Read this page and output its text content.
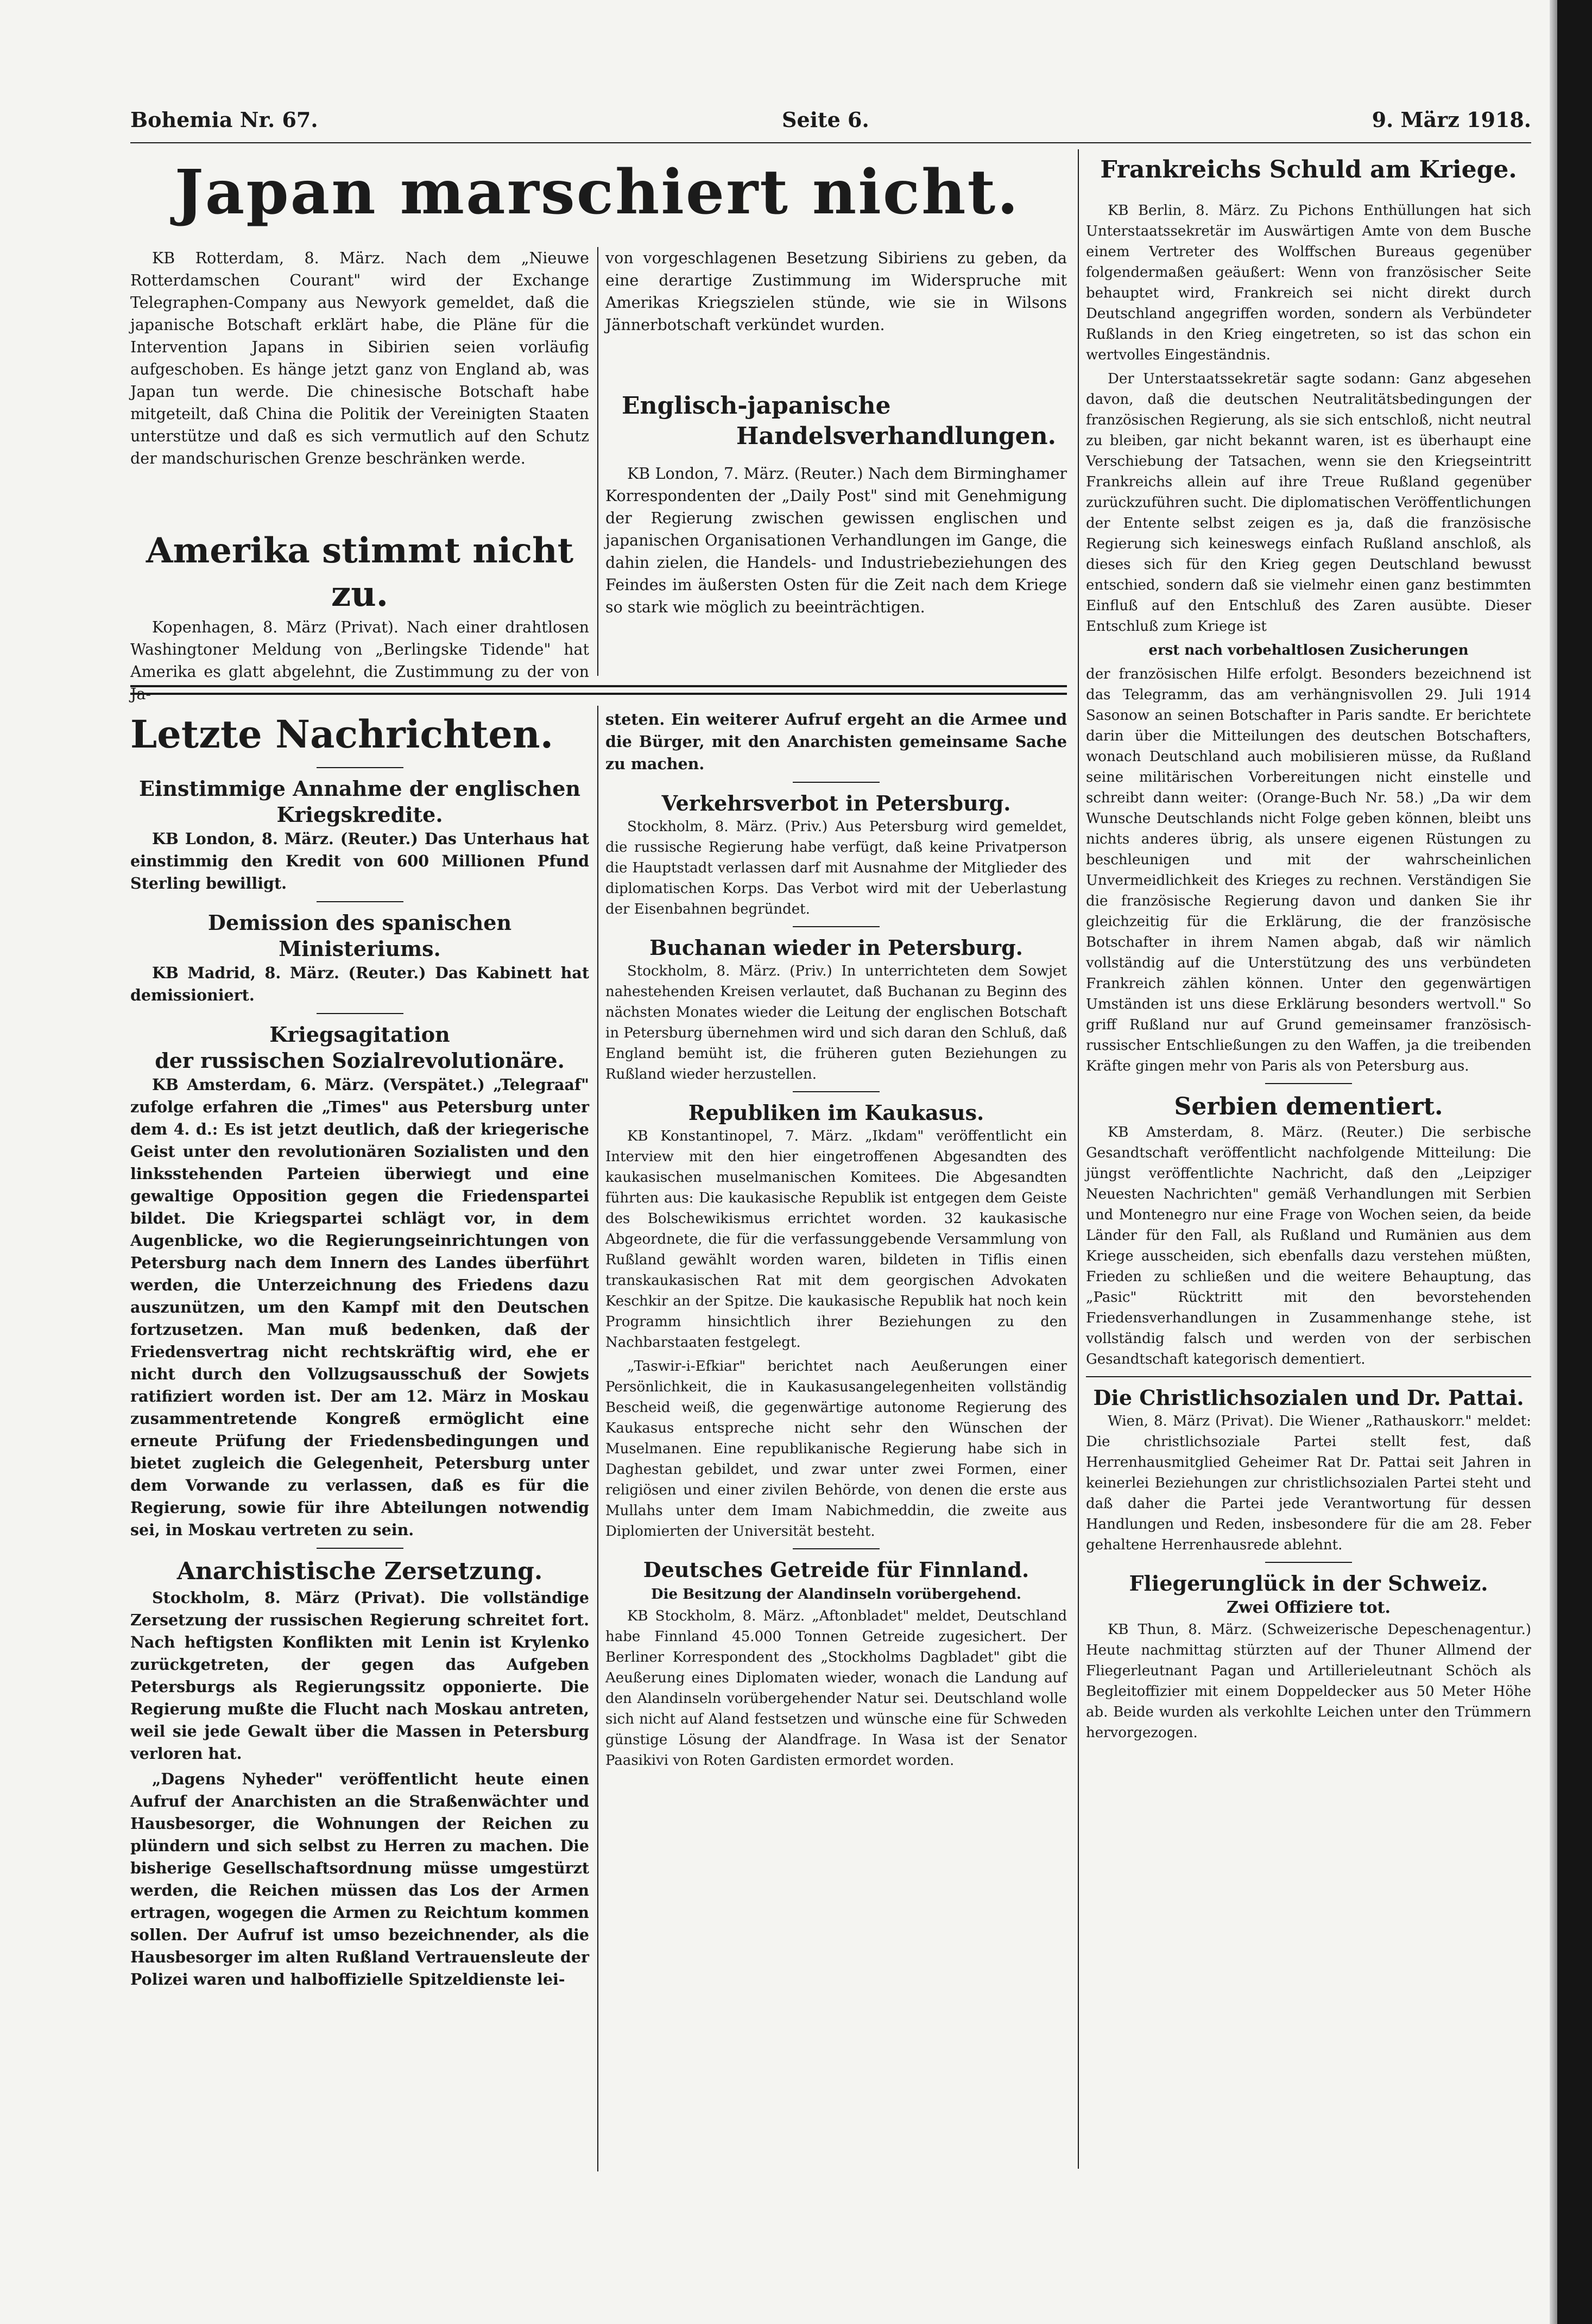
Bohemia Nr. 67.	Seite 6.	9. März 1918.
Japan marschiert nicht.

KB Rotterdam, 8. März. Nach dem „Nieuwe Rotterdamschen Courant" wird der Exchange Telegraphen-Company aus Newyork gemeldet, daß die japanische Botschaft erklärt habe, die Pläne für die Intervention Japans in Sibirien seien vorläufig aufgeschoben. Es hänge jetzt ganz von England ab, was Japan tun werde. Die chinesische Botschaft habe mitgeteilt, daß China die Politik der Vereinigten Staaten unterstütze und daß es sich vermutlich auf den Schutz der mandschurischen Grenze beschränken werde.

Amerika stimmt nicht zu.

Kopenhagen, 8. März (Privat). Nach einer drahtlosen Washingtoner Meldung von „Berlingske Tidende" hat Amerika es glatt abgelehnt, die Zustimmung zu der von Ja-

von vorgeschlagenen Besetzung Sibiriens zu geben, da eine derartige Zustimmung im Widerspruche mit Amerikas Kriegszielen stünde, wie sie in Wilsons Jännerbotschaft verkündet wurden.

Englisch-japanische
Handelsverhandlungen.

KB London, 7. März. (Reuter.) Nach dem Birminghamer Korrespondenten der „Daily Post" sind mit Genehmigung der Regierung zwischen gewissen englischen und japanischen Organisationen Verhandlungen im Gange, die dahin zielen, die Handels- und Industriebeziehungen des Feindes im äußersten Osten für die Zeit nach dem Kriege so stark wie möglich zu beeinträchtigen.

Frankreichs Schuld am Kriege.

KB Berlin, 8. März. Zu Pichons Enthüllungen hat sich Unterstaatssekretär im Auswärtigen Amte von dem Busche einem Vertreter des Wolffschen Bureaus gegenüber folgendermaßen geäußert: Wenn von französischer Seite behauptet wird, Frankreich sei nicht direkt durch Deutschland angegriffen worden, sondern als Verbündeter Rußlands in den Krieg eingetreten, so ist das schon ein wertvolles Eingeständnis.

Der Unterstaatssekretär sagte sodann: Ganz abgesehen davon, daß die deutschen Neutralitätsbedingungen der französischen Regierung, als sie sich entschloß, nicht neutral zu bleiben, gar nicht bekannt waren, ist es überhaupt eine Verschiebung der Tatsachen, wenn sie den Kriegseintritt Frankreichs allein auf ihre Treue Rußland gegenüber zurückzuführen sucht. Die diplomatischen Veröffentlichungen der Entente selbst zeigen es ja, daß die französische Regierung sich keineswegs einfach Rußland anschloß, als dieses sich für den Krieg gegen Deutschland bewusst entschied, sondern daß sie vielmehr einen ganz bestimmten Einfluß auf den Entschluß des Zaren ausübte. Dieser Entschluß zum Kriege ist

erst nach vorbehaltlosen Zusicherungen

der französischen Hilfe erfolgt. Besonders bezeichnend ist das Telegramm, das am verhängnisvollen 29. Juli 1914 Sasonow an seinen Botschafter in Paris sandte. Er berichtete darin über die Mitteilungen des deutschen Botschafters, wonach Deutschland auch mobilisieren müsse, da Rußland seine militärischen Vorbereitungen nicht einstelle und schreibt dann weiter: (Orange-Buch Nr. 58.) „Da wir dem Wunsche Deutschlands nicht Folge geben können, bleibt uns nichts anderes übrig, als unsere eigenen Rüstungen zu beschleunigen und mit der wahrscheinlichen Unvermeidlichkeit des Krieges zu rechnen. Verständigen Sie die französische Regierung davon und danken Sie ihr gleichzeitig für die Erklärung, die der französische Botschafter in ihrem Namen abgab, daß wir nämlich vollständig auf die Unterstützung des uns verbündeten Frankreich zählen können. Unter den gegenwärtigen Umständen ist uns diese Erklärung besonders wertvoll." So griff Rußland nur auf Grund gemeinsamer französisch-russischer Entschließungen zu den Waffen, ja die treibenden Kräfte gingen mehr von Paris als von Petersburg aus.

Serbien dementiert.

KB Amsterdam, 8. März. (Reuter.) Die serbische Gesandtschaft veröffentlicht nachfolgende Mitteilung: Die jüngst veröffentlichte Nachricht, daß den „Leipziger Neuesten Nachrichten" gemäß Verhandlungen mit Serbien und Montenegro nur eine Frage von Wochen seien, da beide Länder für den Fall, als Rußland und Rumänien aus dem Kriege ausscheiden, sich ebenfalls dazu verstehen müßten, Frieden zu schließen und die weitere Behauptung, das „Pasic" Rücktritt mit den bevorstehenden Friedensverhandlungen in Zusammenhange stehe, ist vollständig falsch und werden von der serbischen Gesandtschaft kategorisch dementiert.

Die Christlichsozialen und Dr. Pattai.

Wien, 8. März (Privat). Die Wiener „Rathauskorr." meldet: Die christlichsoziale Partei stellt fest, daß Herrenhausmitglied Geheimer Rat Dr. Pattai seit Jahren in keinerlei Beziehungen zur christlichsozialen Partei steht und daß daher die Partei jede Verantwortung für dessen Handlungen und Reden, insbesondere für die am 28. Feber gehaltene Herrenhausrede ablehnt.

Fliegerunglück in der Schweiz.
Zwei Offiziere tot.

KB Thun, 8. März. (Schweizerische Depeschenagentur.) Heute nachmittag stürzten auf der Thuner Allmend der Fliegerleutnant Pagan und Artillerieleutnant Schöch als Begleitoffizier mit einem Doppeldecker aus 50 Meter Höhe ab. Beide wurden als verkohlte Leichen unter den Trümmern hervorgezogen.

Letzte Nachrichten.
Einstimmige Annahme der englischen Kriegskredite.

KB London, 8. März. (Reuter.) Das Unterhaus hat einstimmig den Kredit von 600 Millionen Pfund Sterling bewilligt.

Demission des spanischen Ministeriums.

KB Madrid, 8. März. (Reuter.) Das Kabinett hat demissioniert.

Kriegsagitation
der russischen Sozialrevolutionäre.

KB Amsterdam, 6. März. (Verspätet.) „Telegraaf" zufolge erfahren die „Times" aus Petersburg unter dem 4. d.: Es ist jetzt deutlich, daß der kriegerische Geist unter den revolutionären Sozialisten und den linksstehenden Parteien überwiegt und eine gewaltige Opposition gegen die Friedenspartei bildet. Die Kriegspartei schlägt vor, in dem Augenblicke, wo die Regierungseinrichtungen von Petersburg nach dem Innern des Landes überführt werden, die Unterzeichnung des Friedens dazu auszunützen, um den Kampf mit den Deutschen fortzusetzen. Man muß bedenken, daß der Friedensvertrag nicht rechtskräftig wird, ehe er nicht durch den Vollzugsausschuß der Sowjets ratifiziert worden ist. Der am 12. März in Moskau zusammentretende Kongreß ermöglicht eine erneute Prüfung der Friedensbedingungen und bietet zugleich die Gelegenheit, Petersburg unter dem Vorwande zu verlassen, daß es für die Regierung, sowie für ihre Abteilungen notwendig sei, in Moskau vertreten zu sein.

Anarchistische Zersetzung.

Stockholm, 8. März (Privat). Die vollständige Zersetzung der russischen Regierung schreitet fort. Nach heftigsten Konflikten mit Lenin ist Krylenko zurückgetreten, der gegen das Aufgeben Petersburgs als Regierungssitz opponierte. Die Regierung mußte die Flucht nach Moskau antreten, weil sie jede Gewalt über die Massen in Petersburg verloren hat.

„Dagens Nyheder" veröffentlicht heute einen Aufruf der Anarchisten an die Straßenwächter und Hausbesorger, die Wohnungen der Reichen zu plündern und sich selbst zu Herren zu machen. Die bisherige Gesellschaftsordnung müsse umgestürzt werden, die Reichen müssen das Los der Armen ertragen, wogegen die Armen zu Reichtum kommen sollen. Der Aufruf ist umso bezeichnender, als die Hausbesorger im alten Rußland Vertrauensleute der Polizei waren und halboffizielle Spitzeldienste lei-

steten. Ein weiterer Aufruf ergeht an die Armee und die Bürger, mit den Anarchisten gemeinsame Sache zu machen.

Verkehrsverbot in Petersburg.

Stockholm, 8. März. (Priv.) Aus Petersburg wird gemeldet, die russische Regierung habe verfügt, daß keine Privatperson die Hauptstadt verlassen darf mit Ausnahme der Mitglieder des diplomatischen Korps. Das Verbot wird mit der Ueberlastung der Eisenbahnen begründet.

Buchanan wieder in Petersburg.

Stockholm, 8. März. (Priv.) In unterrichteten dem Sowjet nahestehenden Kreisen verlautet, daß Buchanan zu Beginn des nächsten Monates wieder die Leitung der englischen Botschaft in Petersburg übernehmen wird und sich daran den Schluß, daß England bemüht ist, die früheren guten Beziehungen zu Rußland wieder herzustellen.

Republiken im Kaukasus.

KB Konstantinopel, 7. März. „Ikdam" veröffentlicht ein Interview mit den hier eingetroffenen Abgesandten des kaukasischen muselmanischen Komitees. Die Abgesandten führten aus: Die kaukasische Republik ist entgegen dem Geiste des Bolschewikismus errichtet worden. 32 kaukasische Abgeordnete, die für die verfassunggebende Versammlung von Rußland gewählt worden waren, bildeten in Tiflis einen transkaukasischen Rat mit dem georgischen Advokaten Keschkir an der Spitze. Die kaukasische Republik hat noch kein Programm hinsichtlich ihrer Beziehungen zu den Nachbarstaaten festgelegt.

„Taswir-i-Efkiar" berichtet nach Aeußerungen einer Persönlichkeit, die in Kaukasusangelegenheiten vollständig Bescheid weiß, die gegenwärtige autonome Regierung des Kaukasus entspreche nicht sehr den Wünschen der Muselmanen. Eine republikanische Regierung habe sich in Daghestan gebildet, und zwar unter zwei Formen, einer religiösen und einer zivilen Behörde, von denen die erste aus Mullahs unter dem Imam Nabichmeddin, die zweite aus Diplomierten der Universität besteht.

Deutsches Getreide für Finnland.
Die Besitzung der Alandinseln vorübergehend.

KB Stockholm, 8. März. „Aftonbladet" meldet, Deutschland habe Finnland 45.000 Tonnen Getreide zugesichert. Der Berliner Korrespondent des „Stockholms Dagbladet" gibt die Aeußerung eines Diplomaten wieder, wonach die Landung auf den Alandinseln vorübergehender Natur sei. Deutschland wolle sich nicht auf Aland festsetzen und wünsche eine für Schweden günstige Lösung der Alandfrage. In Wasa ist der Senator Paasikivi von Roten Gardisten ermordet worden.
